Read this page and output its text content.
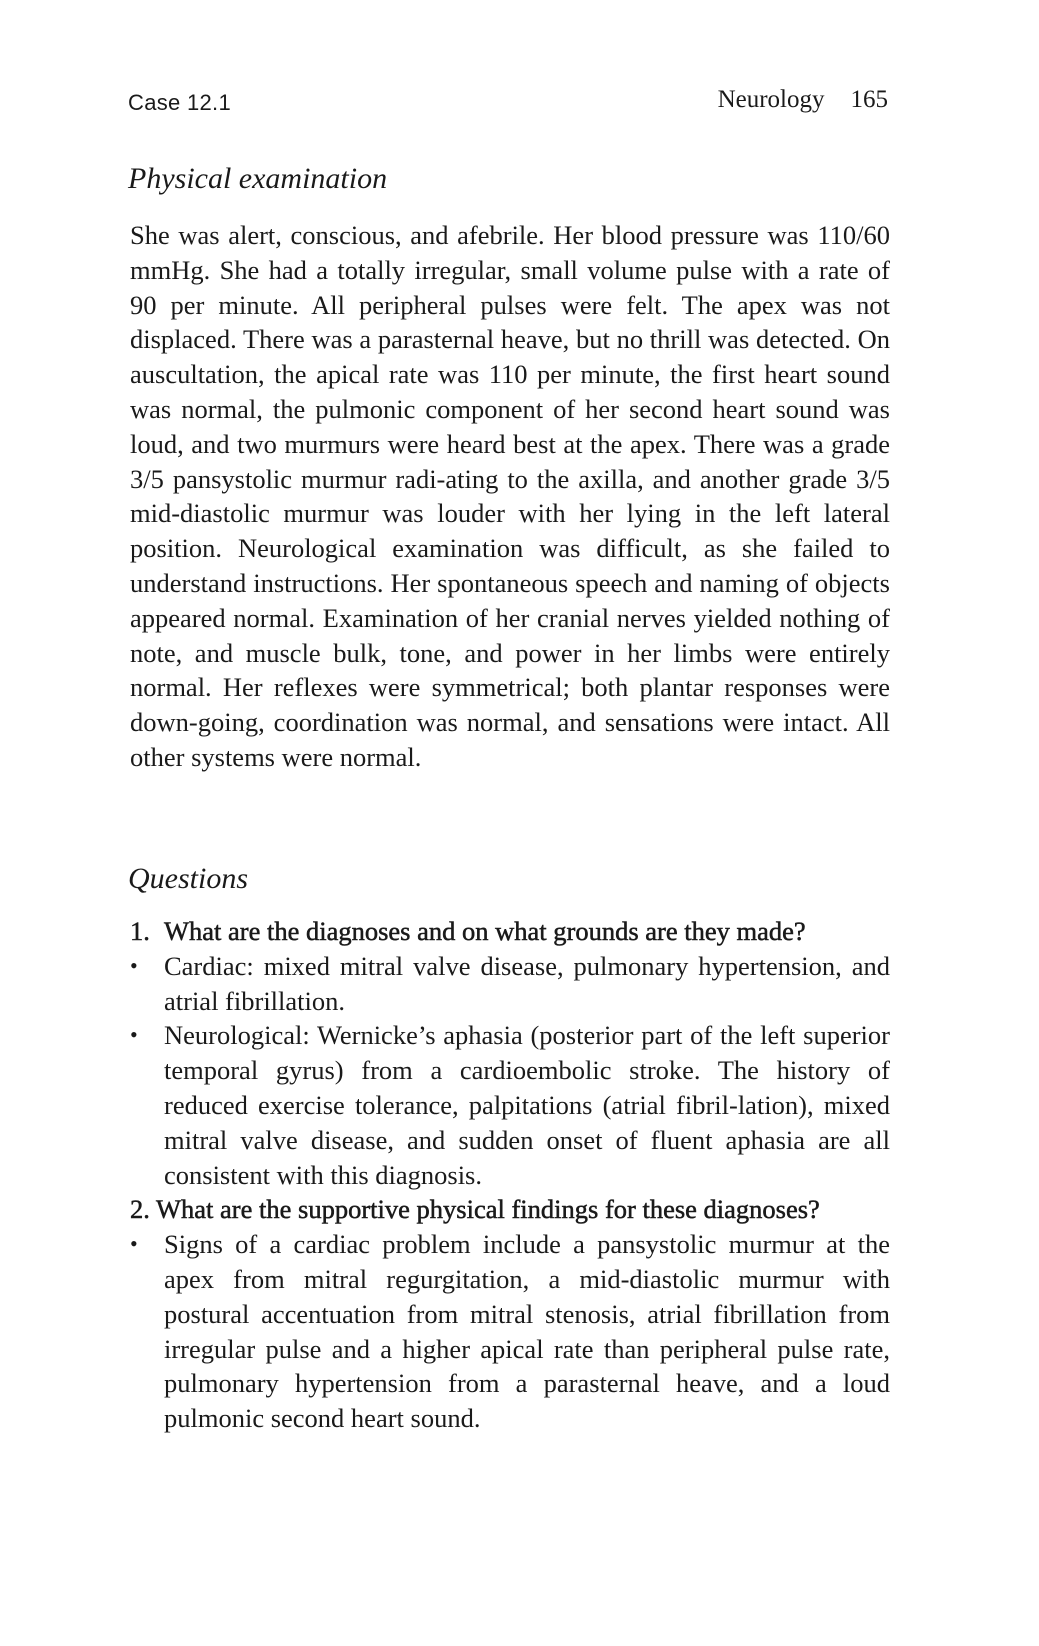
Case 12.1	Neurology 165
Physical examination

She was alert, conscious, and afebrile. Her blood pressure was 110/60 mmHg. She had a totally irregular, small volume pulse with a rate of 90 per minute. All peripheral pulses were felt. The apex was not displaced. There was a parasternal heave, but no thrill was detected. On auscultation, the apical rate was 110 per minute, the first heart sound was normal, the pulmonic component of her second heart sound was loud, and two murmurs were heard best at the apex. There was a grade 3/5 pansystolic murmur radi-ating to the axilla, and another grade 3/5 mid-diastolic murmur was louder with her lying in the left lateral position. Neurological examination was difficult, as she failed to understand instructions. Her spontaneous speech and naming of objects appeared normal. Examination of her cranial nerves yielded nothing of note, and muscle bulk, tone, and power in her limbs were entirely normal. Her reflexes were symmetrical; both plantar responses were down-going, coordination was normal, and sensations were intact. All other systems were normal.

Questions

1. What are the diagnoses and on what grounds are they made?

• Cardiac: mixed mitral valve disease, pulmonary hypertension, and atrial fibrillation.
• Neurological: Wernicke’s aphasia (posterior part of the left superior temporal gyrus) from a cardioembolic stroke. The history of reduced exercise tolerance, palpitations (atrial fibril-lation), mixed mitral valve disease, and sudden onset of fluent aphasia are all consistent with this diagnosis.

2. What are the supportive physical findings for these diagnoses?

• Signs of a cardiac problem include a pansystolic murmur at the apex from mitral regurgitation, a mid-diastolic murmur with postural accentuation from mitral stenosis, atrial fibrillation from irregular pulse and a higher apical rate than peripheral pulse rate, pulmonary hypertension from a parasternal heave, and a loud pulmonic second heart sound.
